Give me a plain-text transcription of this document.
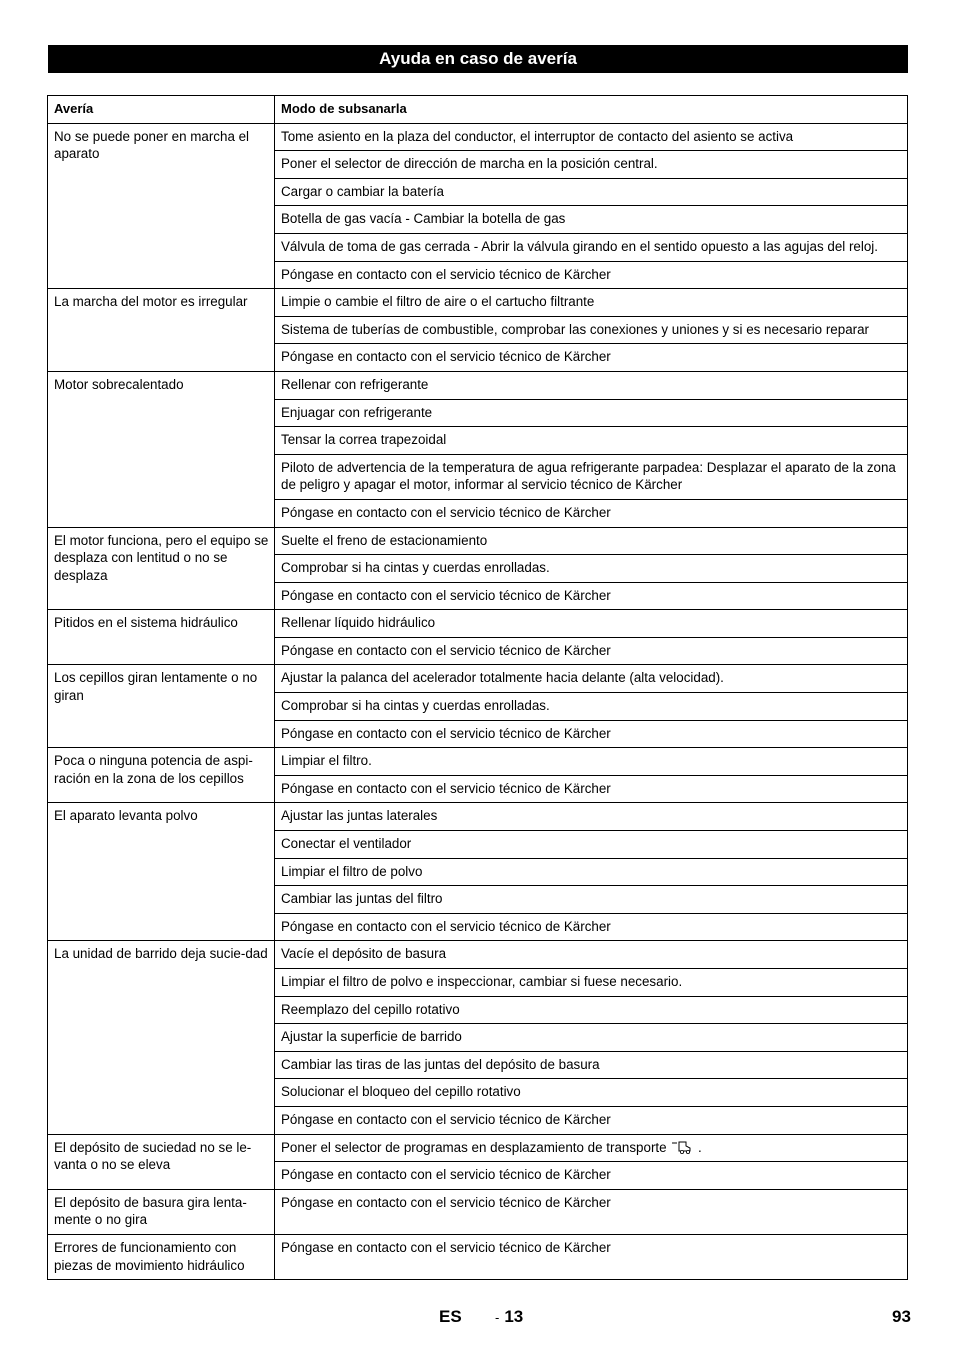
Ayuda en caso de avería
Avería	Modo de subsanarla
No se puede poner en marcha el aparato	Tome asiento en la plaza del conductor, el interruptor de contacto del asiento se activa
	Poner el selector de dirección de marcha en la posición central.
	Cargar o cambiar la batería
	Botella de gas vacía - Cambiar la botella de gas
	Válvula de toma de gas cerrada - Abrir la válvula girando en el sentido opuesto a las agujas del reloj.
	Póngase en contacto con el servicio técnico de Kärcher
La marcha del motor es irregular	Limpie o cambie el filtro de aire o el cartucho filtrante
	Sistema de tuberías de combustible, comprobar las conexiones y uniones y si es necesario reparar
	Póngase en contacto con el servicio técnico de Kärcher
Motor sobrecalentado	Rellenar con refrigerante
	Enjuagar con refrigerante
	Tensar la correa trapezoidal
	Piloto de advertencia de la temperatura de agua refrigerante parpadea: Desplazar el aparato de la zona de peligro y apagar el motor, informar al servicio técnico de Kärcher
	Póngase en contacto con el servicio técnico de Kärcher
El motor funciona, pero el equipo se desplaza con lentitud o no se desplaza	Suelte el freno de estacionamiento
	Comprobar si ha cintas y cuerdas enrolladas.
	Póngase en contacto con el servicio técnico de Kärcher
Pitidos en el sistema hidráulico	Rellenar líquido hidráulico
	Póngase en contacto con el servicio técnico de Kärcher
Los cepillos giran lentamente o no giran	Ajustar la palanca del acelerador totalmente hacia delante (alta velocidad).
	Comprobar si ha cintas y cuerdas enrolladas.
	Póngase en contacto con el servicio técnico de Kärcher
Poca o ninguna potencia de aspi-ración en la zona de los cepillos	Limpiar el filtro.
	Póngase en contacto con el servicio técnico de Kärcher
El aparato levanta polvo	Ajustar las juntas laterales
	Conectar el ventilador
	Limpiar el filtro de polvo
	Cambiar las juntas del filtro
	Póngase en contacto con el servicio técnico de Kärcher
La unidad de barrido deja sucie-dad	Vacíe el depósito de basura
	Limpiar el filtro de polvo e inspeccionar, cambiar si fuese necesario.
	Reemplazo del cepillo rotativo
	Ajustar la superficie de barrido
	Cambiar las tiras de las juntas del depósito de basura
	Solucionar el bloqueo del cepillo rotativo
	Póngase en contacto con el servicio técnico de Kärcher
El depósito de suciedad no se le-vanta o no se eleva	Poner el selector de programas en desplazamiento de transporte  .
	Póngase en contacto con el servicio técnico de Kärcher
El depósito de basura gira lenta-mente o no gira	Póngase en contacto con el servicio técnico de Kärcher
Errores de funcionamiento con piezas de movimiento hidráulico	Póngase en contacto con el servicio técnico de Kärcher
ES	- 13	93
